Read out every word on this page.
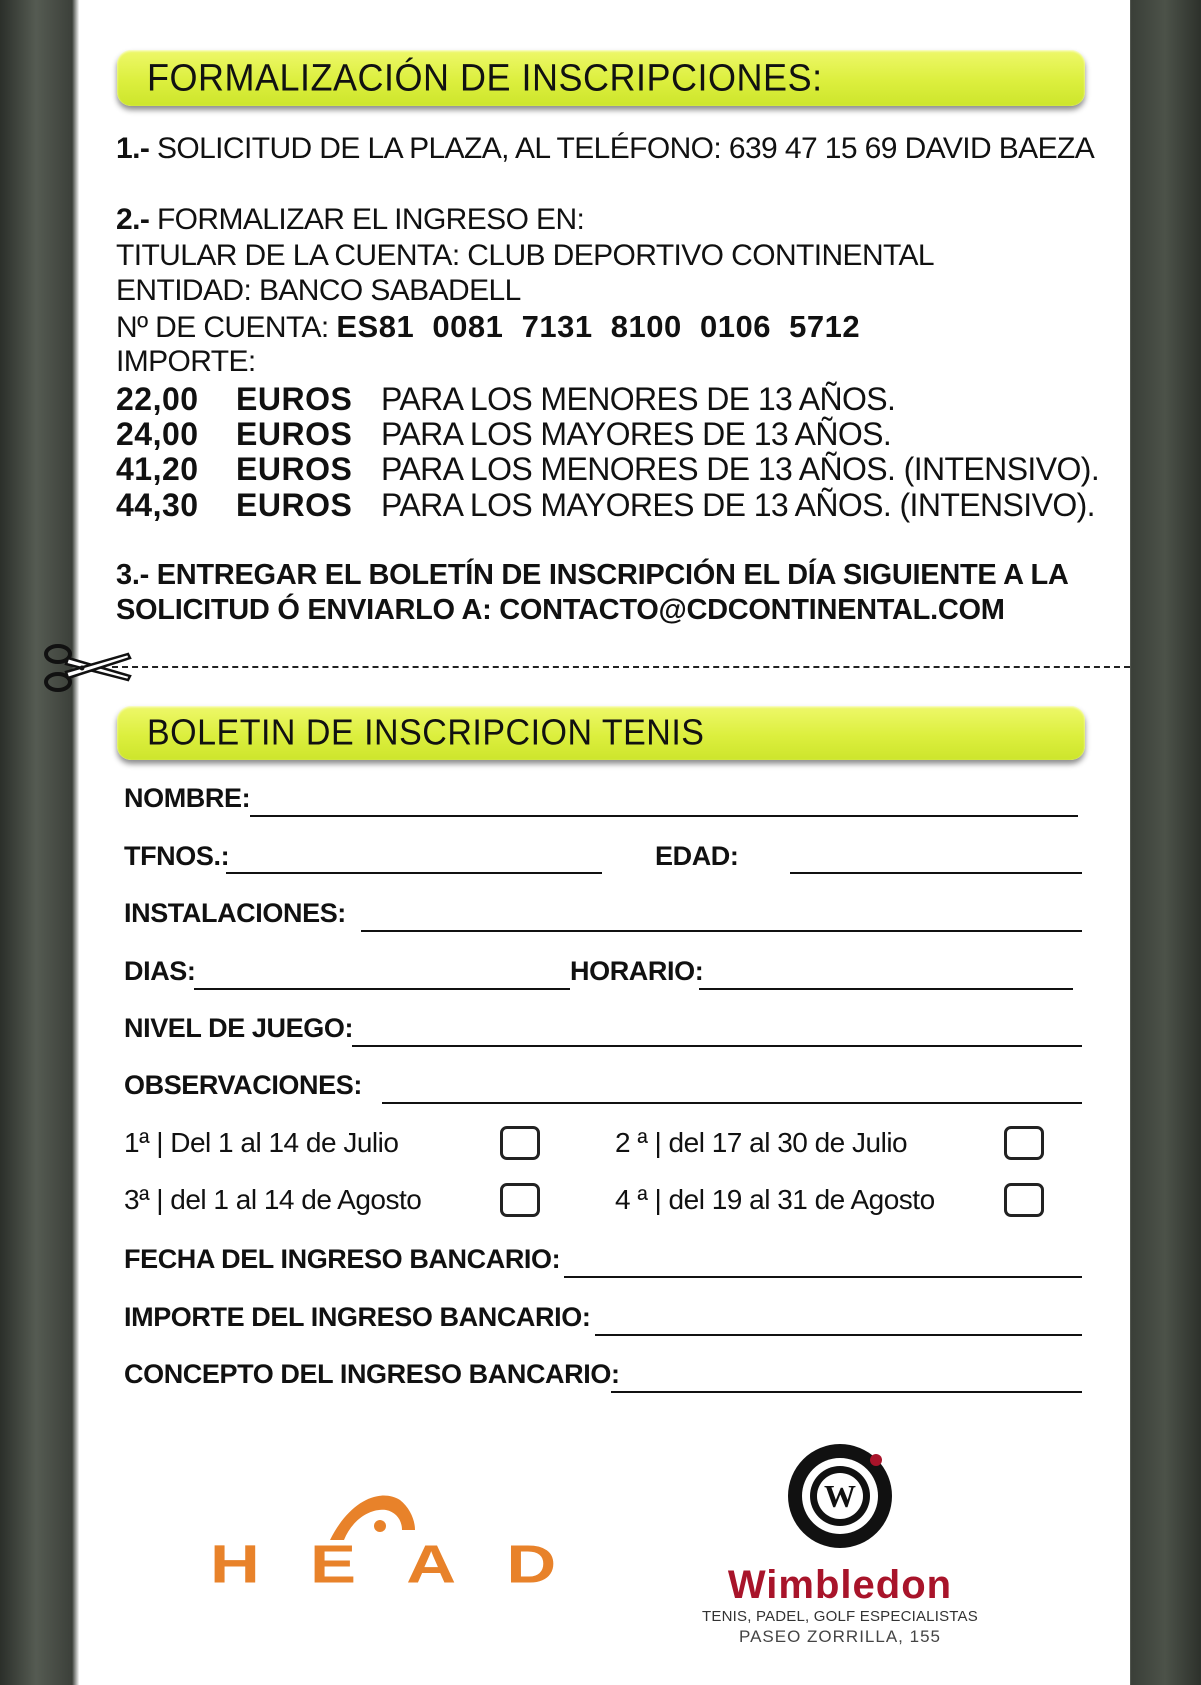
FORMALIZACIÓN DE INSCRIPCIONES:
1.- SOLICITUD DE LA PLAZA, AL TELÉFONO: 639 47 15 69 DAVID BAEZA
2.- FORMALIZAR EL INGRESO EN:
TITULAR DE LA CUENTA: CLUB DEPORTIVO CONTINENTAL
ENTIDAD: BANCO SABADELL
Nº DE CUENTA: ES81  0081  7131  8100  0106  5712
IMPORTE:
22,00 EUROS PARA LOS MENORES DE 13 AÑOS.
24,00 EUROS PARA LOS MAYORES DE 13 AÑOS.
41,20 EUROS PARA LOS MENORES DE 13 AÑOS. (INTENSIVO).
44,30 EUROS PARA LOS MAYORES DE 13 AÑOS. (INTENSIVO).
3.- ENTREGAR EL BOLETÍN DE INSCRIPCIÓN EL DÍA SIGUIENTE A LA
SOLICITUD Ó ENVIARLO A: CONTACTO@CDCONTINENTAL.COM
BOLETIN DE INSCRIPCION TENIS
NOMBRE:
TFNOS.:	EDAD:
INSTALACIONES:
DIAS:	HORARIO:
NIVEL DE JUEGO:
OBSERVACIONES:
1ª | Del 1 al 14 de Julio	2 ª | del 17 al 30 de Julio
3ª | del 1 al 14 de Agosto	4 ª | del 19 al 31 de Agosto
FECHA DEL INGRESO BANCARIO:
IMPORTE DEL INGRESO BANCARIO:
CONCEPTO DEL INGRESO BANCARIO:
HEAD
W
Wimbledon
TENIS, PADEL, GOLF ESPECIALISTAS
PASEO ZORRILLA, 155
